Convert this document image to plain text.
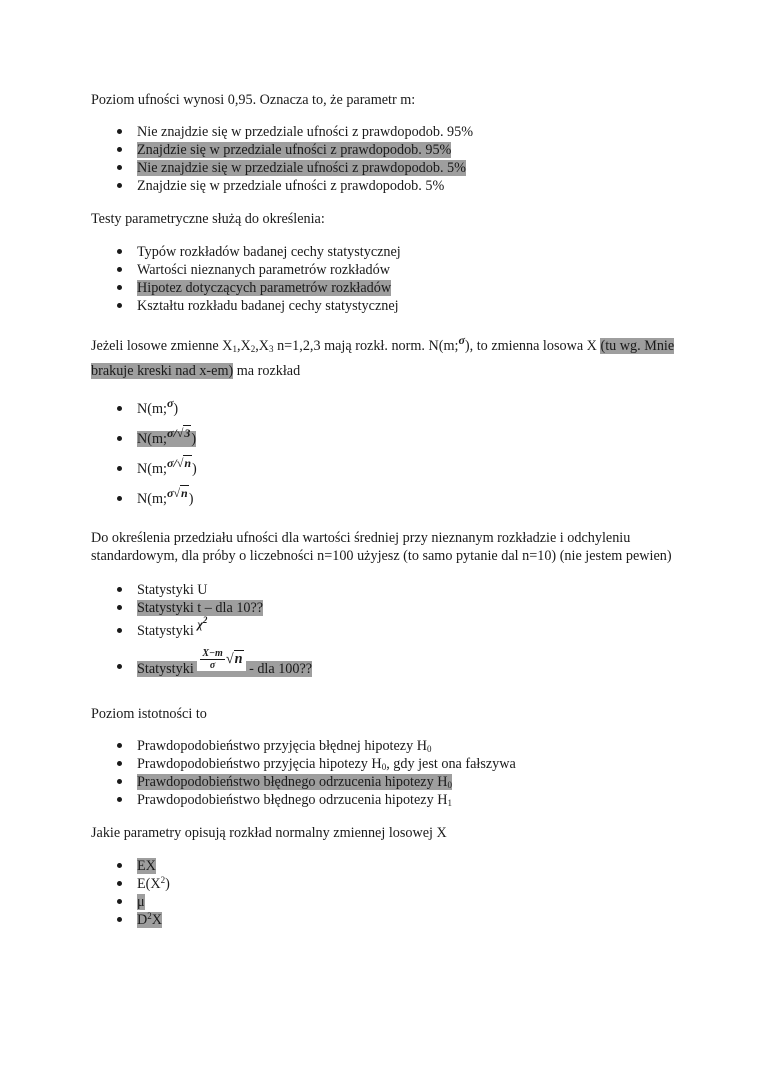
Poziom ufności wynosi 0,95. Oznacza to, że parametr m:
Nie znajdzie się w przedziale ufności z prawdopodob. 95%
Znajdzie się w przedziale ufności z prawdopodob. 95%
Nie znajdzie się w przedziale ufności z prawdopodob. 5%
Znajdzie się w przedziale ufności z prawdopodob. 5%
Testy parametryczne służą do określenia:
Typów rozkładów badanej cechy statystycznej
Wartości nieznanych parametrów rozkładów
Hipotez dotyczących parametrów rozkładów
Kształtu rozkładu badanej cechy statystycznej
Jeżeli losowe zmienne $X_1,X_2,X_3$ n=1,2,3 mają rozkł. norm. N(m;$^\sigma$), to zmienna losowa X (tu wg. Mnie brakuje kreski nad x-em) ma rozkład
N(m;$^\sigma$)
N(m;$^{\sigma/√3}$)
N(m;$^{\sigma/√n}$)
N(m;$^{\sigma√n}$)
Do określenia przedziału ufności dla wartości średniej przy nieznanym rozkładzie i odchyleniu standardowym, dla próby o liczebności n=100 użyjesz (to samo pytanie dal n=10) (nie jestem pewien)
Statystyki U
Statystyki t – dla 10??
Statystyki $^{\chi^2}$
Statystyki $\frac{X-m}{\sigma} √n$ - dla 100??
Poziom istotności to
Prawdopodobieństwo przyjęcia błędnej hipotezy $H_0$
Prawdopodobieństwo przyjęcia hipotezy $H_0$, gdy jest ona fałszywa
Prawdopodobieństwo błędnego odrzucenia hipotezy $H_0$
Prawdopodobieństwo błędnego odrzucenia hipotezy $H_1$
Jakie parametry opisują rozkład normalny zmiennej losowej X
EX
$E(X^2)$
μ
$D^2X$
